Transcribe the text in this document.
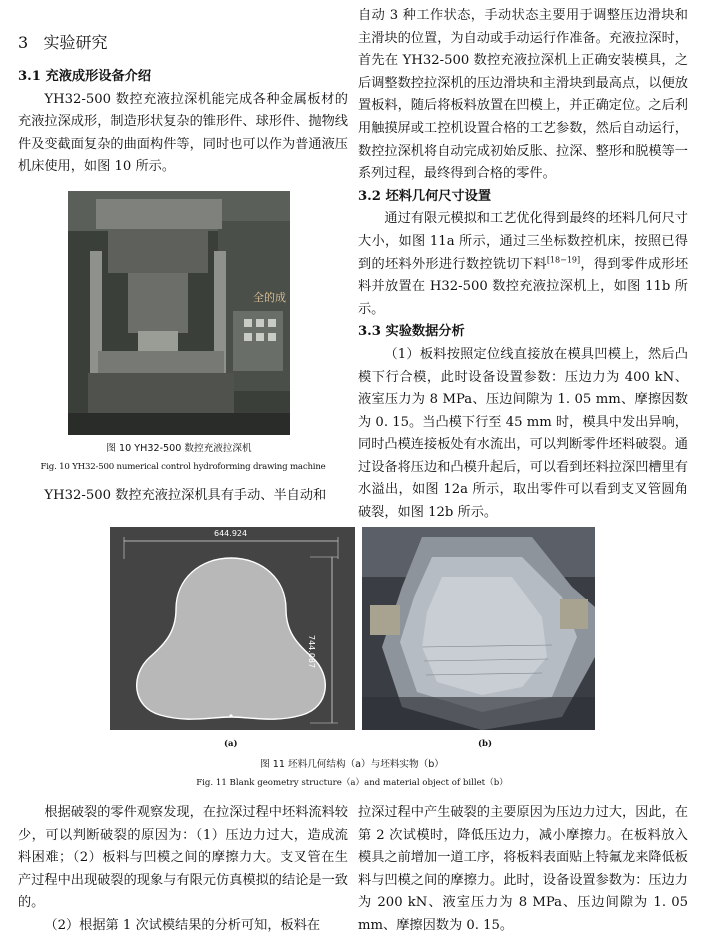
3 实验研究
3.1 充液成形设备介绍

YH32-500 数控充液拉深机能完成各种金属板材的充液拉深成形，制造形状复杂的锥形件、球形件、抛物线件及变截面复杂的曲面构件等，同时也可以作为普通液压机床使用，如图 10 所示。

全的成
图 10 YH32-500 数控充液拉深机
Fig. 10 YH32-500 numerical control hydroforming drawing machine

YH32-500 数控充液拉深机具有手动、半自动和

自动 3 种工作状态，手动状态主要用于调整压边滑块和主滑块的位置，为自动或手动运行作准备。充液拉深时，首先在 YH32-500 数控充液拉深机上正确安装模具，之后调整数控拉深机的压边滑块和主滑块到最高点，以便放置板料，随后将板料放置在凹模上，并正确定位。之后利用触摸屏或工控机设置合格的工艺参数，然后自动运行，数控拉深机将自动完成初始反胀、拉深、整形和脱模等一系列过程，最终得到合格的零件。

3.2 坯料几何尺寸设置

通过有限元模拟和工艺优化得到最终的坯料几何尺寸大小，如图 11a 所示，通过三坐标数控机床，按照已得到的坯料外形进行数控铣切下料[18−19]，得到零件成形坯料并放置在 H32-500 数控充液拉深机上，如图 11b 所示。

3.3 实验数据分析

（1）板料按照定位线直接放在模具凹模上，然后凸模下行合模，此时设备设置参数：压边力为 400 kN、液室压力为 8 MPa、压边间隙为 1. 05 mm、摩擦因数为 0. 15。当凸模下行至 45 mm 时，模具中发出异响，同时凸模连接板处有水流出，可以判断零件坯料破裂。通过设备将压边和凸模升起后，可以看到坯料拉深凹槽里有水溢出，如图 12a 所示，取出零件可以看到支叉管圆角破裂，如图 12b 所示。

644.924
744.087
(a)	(b)
图 11 坯料几何结构（a）与坯料实物（b）
Fig. 11 Blank geometry structure（a）and material object of billet（b）

根据破裂的零件观察发现，在拉深过程中坯料流料较少，可以判断破裂的原因为：（1）压边力过大，造成流料困难；（2）板料与凹模之间的摩擦力大。支叉管在生产过程中出现破裂的现象与有限元仿真模拟的结论是一致的。

（2）根据第 1 次试模结果的分析可知，板料在

拉深过程中产生破裂的主要原因为压边力过大，因此，在第 2 次试模时，降低压边力，减小摩擦力。在板料放入模具之前增加一道工序，将板料表面贴上特氟龙来降低板料与凹模之间的摩擦力。此时，设备设置参数为：压边力为 200 kN、液室压力为 8 MPa、压边间隙为 1. 05 mm、摩擦因数为 0. 15。
